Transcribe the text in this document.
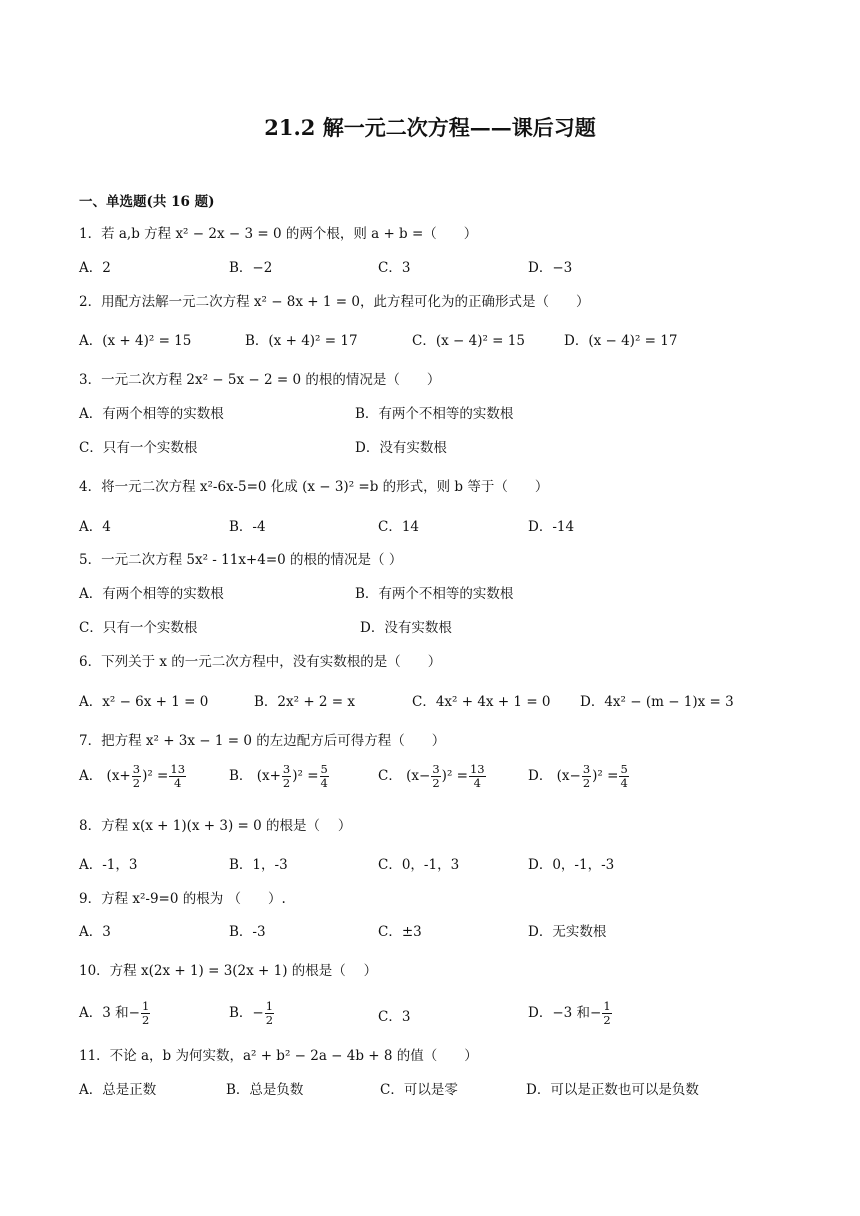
21.2 解一元二次方程——课后习题
一、单选题(共 16 题)
1．若 a,b 方程 x² − 2x − 3 = 0 的两个根，则 a + b =（　　）
A．2	B．−2	C．3	D．−3
2．用配方法解一元二次方程 x² − 8x + 1 = 0，此方程可化为的正确形式是（　　）
A．(x + 4)² = 15	B．(x + 4)² = 17	C．(x − 4)² = 15	D．(x − 4)² = 17
3．一元二次方程 2x² − 5x − 2 = 0 的根的情况是（　　）
A．有两个相等的实数根	B．有两个不相等的实数根
C．只有一个实数根	D．没有实数根
4．将一元二次方程 x²-6x-5=0 化成 (x − 3)² =b 的形式，则 b 等于（　　）
A．4	B．-4	C．14	D．-14
5．一元二次方程 5x² - 11x+4=0 的根的情况是（ ）
A．有两个相等的实数根	B．有两个不相等的实数根
C．只有一个实数根	D．没有实数根
6．下列关于 x 的一元二次方程中，没有实数根的是（　　）
A．x² − 6x + 1 = 0	B．2x² + 2 = x	C．4x² + 4x + 1 = 0 D．4x² − (m − 1)x = 3
7．把方程 x² + 3x − 1 = 0 的左边配方后可得方程（　　）
A． $(x+ \frac{3}{2} )^2 = \frac{13}{4}$	B． $(x+ \frac{3}{2} )^2 = \frac{5}{4}$	C． $(x- \frac{3}{2} )^2 = \frac{13}{4}$	D． $(x- \frac{3}{2} )^2 = \frac{5}{4}$
8．方程 x(x + 1)(x + 3) = 0 的根是（　 ）
A．-1，3	B．1，-3	C．0，-1，3	D．0，-1，-3
9．方程 x²-9=0 的根为 （　　）.
A．3	B．-3	C．±3	D．无实数根
10．方程 x(2x + 1) = 3(2x + 1) 的根是（　 ）
A．3 和− $\frac{1}{2}$	B．− $\frac{1}{2}$	C．3	D．−3 和− $\frac{1}{2}$
11．不论 a，b 为何实数，a² + b² − 2a − 4b + 8 的值（　　）
A．总是正数	B．总是负数	C．可以是零	D．可以是正数也可以是负数
